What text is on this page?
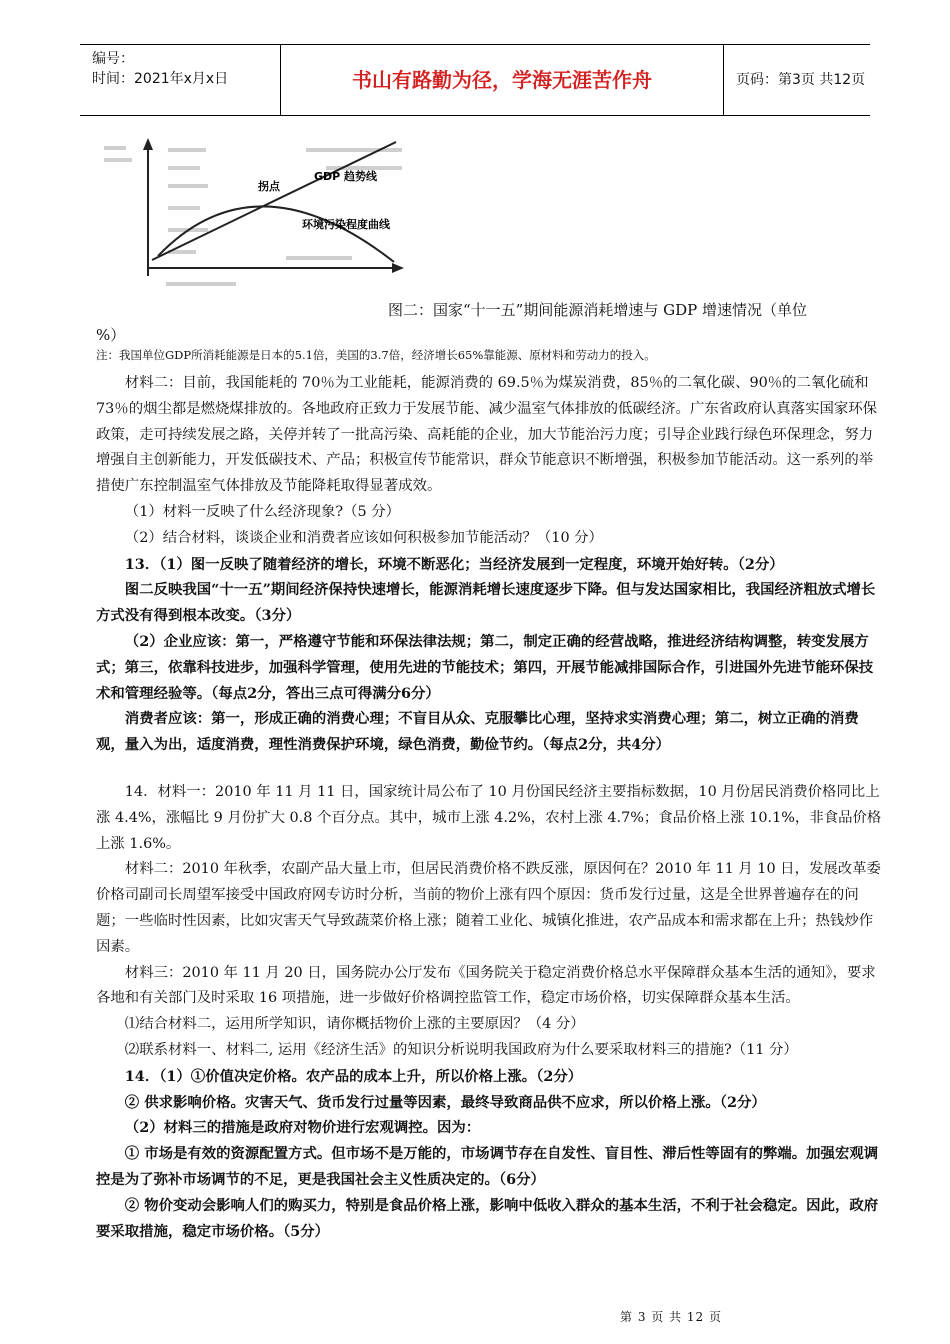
编号：
时间：2021年x月x日	书山有路勤为径，学海无涯苦作舟	页码：第3页 共12页
拐点
GDP 趋势线
环境污染程度曲线
图二：国家“十一五”期间能源消耗增速与 GDP 增速情况（单位
%）
注：我国单位GDP所消耗能源是日本的5.1倍，美国的3.7倍，经济增长65%靠能源、原材料和劳动力的投入。

材料二：目前，我国能耗的 70％为工业能耗，能源消费的 69.5％为煤炭消费，85％的二氧化碳、90％的二氧化硫和 73％的烟尘都是燃烧煤排放的。各地政府正致力于发展节能、减少温室气体排放的低碳经济。广东省政府认真落实国家环保政策，走可持续发展之路，关停并转了一批高污染、高耗能的企业，加大节能治污力度；引导企业践行绿色环保理念，努力增强自主创新能力，开发低碳技术、产品；积极宣传节能常识，群众节能意识不断增强，积极参加节能活动。这一系列的举措使广东控制温室气体排放及节能降耗取得显著成效。

（1）材料一反映了什么经济现象?（5 分）

（2）结合材料，谈谈企业和消费者应该如何积极参加节能活动？（10 分）

13．（1）图一反映了随着经济的增长，环境不断恶化；当经济发展到一定程度，环境开始好转。（2分）

图二反映我国“十一五”期间经济保持快速增长，能源消耗增长速度逐步下降。但与发达国家相比，我国经济粗放式增长方式没有得到根本改变。（3分）

（2）企业应该：第一，严格遵守节能和环保法律法规；第二，制定正确的经营战略，推进经济结构调整，转变发展方式；第三，依靠科技进步，加强科学管理，使用先进的节能技术；第四，开展节能减排国际合作，引进国外先进节能环保技术和管理经验等。（每点2分，答出三点可得满分6分）

消费者应该：第一，形成正确的消费心理；不盲目从众、克服攀比心理，坚持求实消费心理；第二，树立正确的消费观，量入为出，适度消费，理性消费保护环境，绿色消费，勤俭节约。（每点2分，共4分）

14．材料一：2010 年 11 月 11 日，国家统计局公布了 10 月份国民经济主要指标数据，10 月份居民消费价格同比上涨 4.4%，涨幅比 9 月份扩大 0.8 个百分点。其中，城市上涨 4.2%，农村上涨 4.7%；食品价格上涨 10.1%，非食品价格上涨 1.6%。

材料二：2010 年秋季，农副产品大量上市，但居民消费价格不跌反涨，原因何在？2010 年 11 月 10 日，发展改革委价格司副司长周望军接受中国政府网专访时分析，当前的物价上涨有四个原因：货币发行过量，这是全世界普遍存在的问题；一些临时性因素，比如灾害天气导致蔬菜价格上涨；随着工业化、城镇化推进，农产品成本和需求都在上升；热钱炒作因素。

材料三：2010 年 11 月 20 日，国务院办公厅发布《国务院关于稳定消费价格总水平保障群众基本生活的通知》，要求各地和有关部门及时采取 16 项措施，进一步做好价格调控监管工作，稳定市场价格，切实保障群众基本生活。

⑴结合材料二，运用所学知识，请你概括物价上涨的主要原因？（4 分）

⑵联系材料一、材料二, 运用《经济生活》的知识分析说明我国政府为什么要采取材料三的措施?（11 分）

14．（1）①价值决定价格。农产品的成本上升，所以价格上涨。（2分）

② 供求影响价格。灾害天气、货币发行过量等因素，最终导致商品供不应求，所以价格上涨。（2分）

（2）材料三的措施是政府对物价进行宏观调控。因为：

① 市场是有效的资源配置方式。但市场不是万能的，市场调节存在自发性、盲目性、滞后性等固有的弊端。加强宏观调控是为了弥补市场调节的不足，更是我国社会主义性质决定的。（6分）

② 物价变动会影响人们的购买力，特别是食品价格上涨，影响中低收入群众的基本生活，不利于社会稳定。因此，政府要采取措施，稳定市场价格。（5分）

第 3 页 共 12 页
